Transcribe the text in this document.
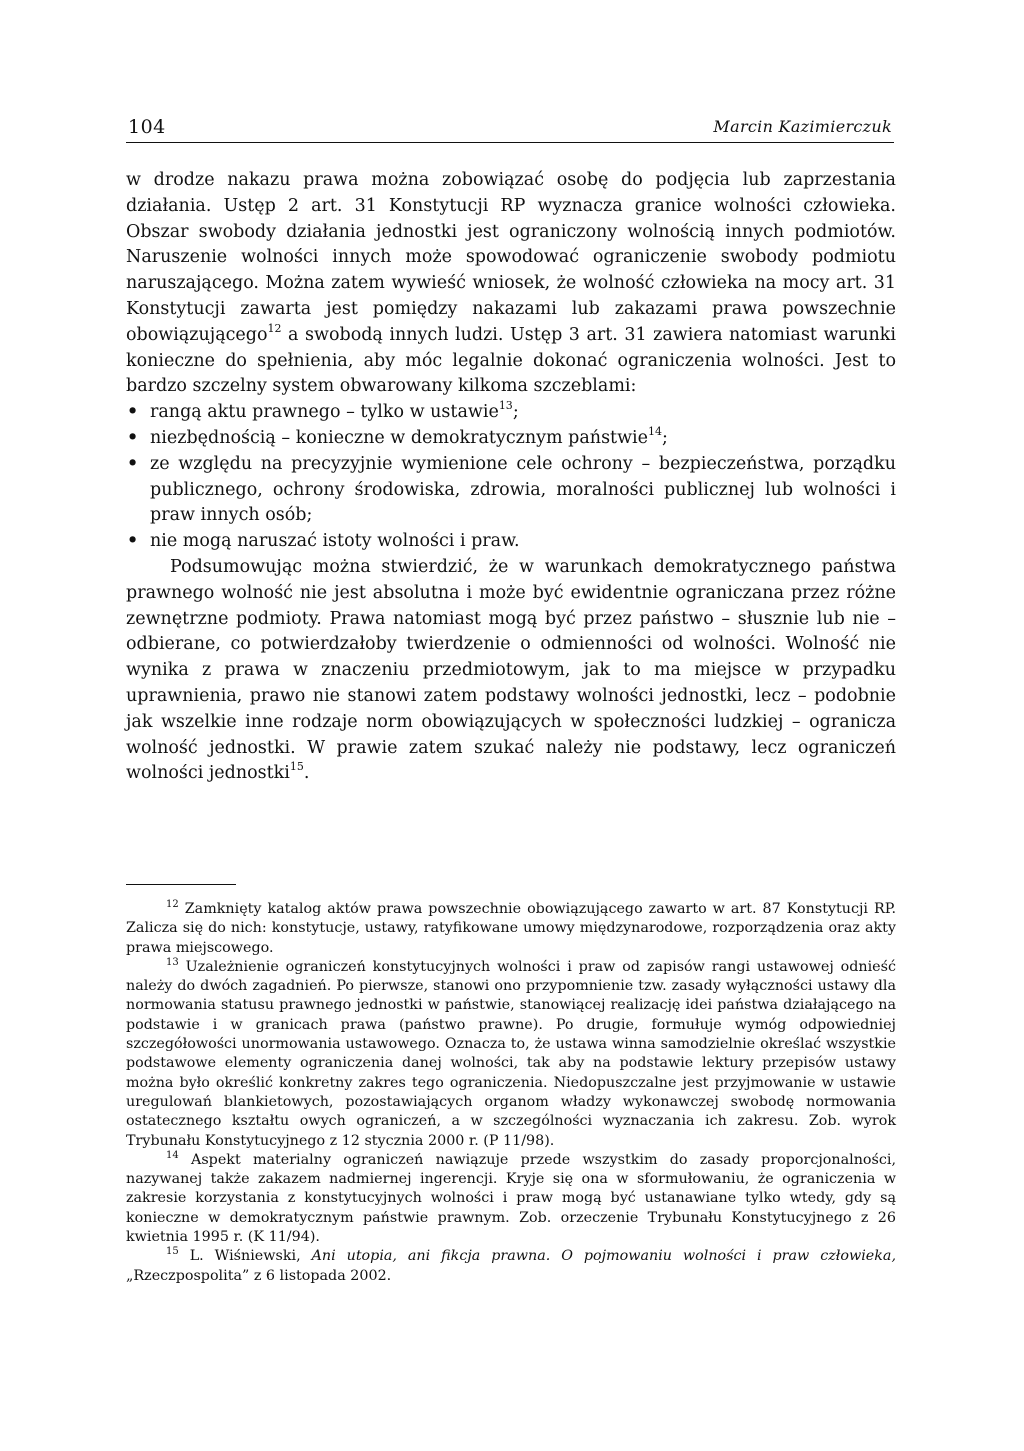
104	Marcin Kazimierczuk

w drodze nakazu prawa można zobowiązać osobę do podjęcia lub zaprzestania działania. Ustęp 2 art. 31 Konstytucji RP wyznacza granice wolności człowieka. Obszar swobody działania jednostki jest ograniczony wolnością innych podmiotów. Naruszenie wolności innych może spowodować ograniczenie swobody podmiotu naruszającego. Można zatem wywieść wniosek, że wolność człowieka na mocy art. 31 Konstytucji zawarta jest pomiędzy nakazami lub zakazami prawa powszechnie obowiązującego$^{12}$ a swobodą innych ludzi. Ustęp 3 art. 31 zawiera natomiast warunki konieczne do spełnienia, aby móc legalnie dokonać ograniczenia wolności. Jest to bardzo szczelny system obwarowany kilkoma szczeblami:

• rangą aktu prawnego – tylko w ustawie$^{13}$;
• niezbędnością – konieczne w demokratycznym państwie$^{14}$;
• ze względu na precyzyjnie wymienione cele ochrony – bezpieczeństwa, porządku publicznego, ochrony środowiska, zdrowia, moralności publicznej lub wolności i praw innych osób;
• nie mogą naruszać istoty wolności i praw.

Podsumowując można stwierdzić, że w warunkach demokratycznego państwa prawnego wolność nie jest absolutna i może być ewidentnie ograniczana przez różne zewnętrzne podmioty. Prawa natomiast mogą być przez państwo – słusznie lub nie – odbierane, co potwierdzałoby twierdzenie o odmienności od wolności. Wolność nie wynika z prawa w znaczeniu przedmiotowym, jak to ma miejsce w przypadku uprawnienia, prawo nie stanowi zatem podstawy wolności jednostki, lecz – podobnie jak wszelkie inne rodzaje norm obowiązujących w społeczności ludzkiej – ogranicza wolność jednostki. W prawie zatem szukać należy nie podstawy, lecz ograniczeń wolności jednostki$^{15}$.

$^{12}$ Zamknięty katalog aktów prawa powszechnie obowiązującego zawarto w art. 87 Konstytucji RP. Zalicza się do nich: konstytucje, ustawy, ratyfikowane umowy międzynarodowe, rozporządzenia oraz akty prawa miejscowego.

$^{13}$ Uzależnienie ograniczeń konstytucyjnych wolności i praw od zapisów rangi ustawowej odnieść należy do dwóch zagadnień. Po pierwsze, stanowi ono przypomnienie tzw. zasady wyłączności ustawy dla normowania statusu prawnego jednostki w państwie, stanowiącej realizację idei państwa działającego na podstawie i w granicach prawa (państwo prawne). Po drugie, formułuje wymóg odpowiedniej szczegółowości unormowania ustawowego. Oznacza to, że ustawa winna samodzielnie określać wszystkie podstawowe elementy ograniczenia danej wolności, tak aby na podstawie lektury przepisów ustawy można było określić konkretny zakres tego ograniczenia. Niedopuszczalne jest przyjmowanie w ustawie uregulowań blankietowych, pozostawiających organom władzy wykonawczej swobodę normowania ostatecznego kształtu owych ograniczeń, a w szczególności wyznaczania ich zakresu. Zob. wyrok Trybunału Konstytucyjnego z 12 stycznia 2000 r. (P 11/98).

$^{14}$ Aspekt materialny ograniczeń nawiązuje przede wszystkim do zasady proporcjonalności, nazywanej także zakazem nadmiernej ingerencji. Kryje się ona w sformułowaniu, że ograniczenia w zakresie korzystania z konstytucyjnych wolności i praw mogą być ustanawiane tylko wtedy, gdy są konieczne w demokratycznym państwie prawnym. Zob. orzeczenie Trybunału Konstytucyjnego z 26 kwietnia 1995 r. (K 11/94).

$^{15}$ L. Wiśniewski, Ani utopia, ani fikcja prawna. O pojmowaniu wolności i praw człowieka, „Rzeczpospolita” z 6 listopada 2002.
